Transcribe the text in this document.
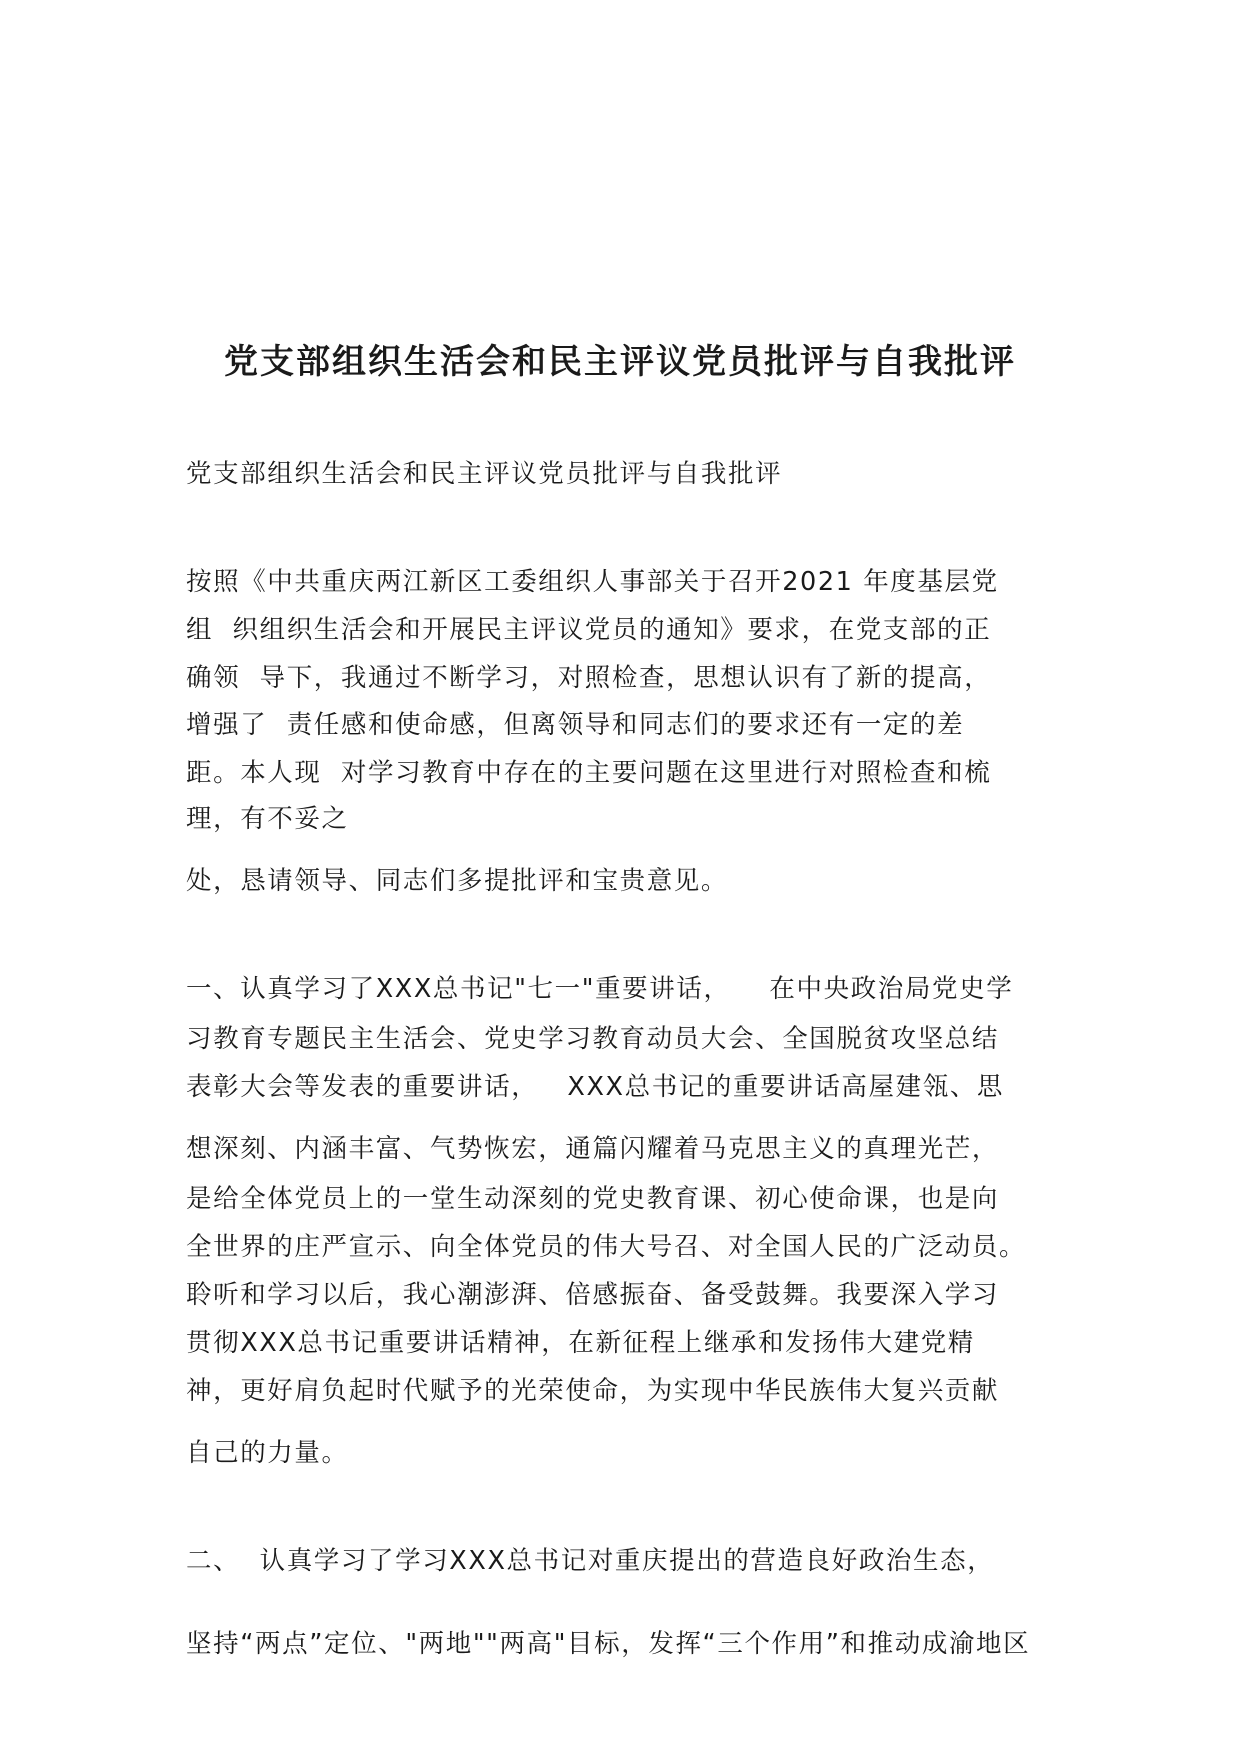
党支部组织生活会和民主评议党员批评与自我批评
党支部组织生活会和民主评议党员批评与自我批评
按照《中共重庆两江新区工委组织人事部关于召开2021 年度基层党
组  织组织生活会和开展民主评议党员的通知》要求，在党支部的正
确领  导下，我通过不断学习，对照检查，思想认识有了新的提高，
增强了  责任感和使命感，但离领导和同志们的要求还有一定的差
距。本人现  对学习教育中存在的主要问题在这里进行对照检查和梳
理，有不妥之
处，恳请领导、同志们多提批评和宝贵意见。
一、认真学习了XXX总书记"七一"重要讲话，    在中央政治局党史学
习教育专题民主生活会、党史学习教育动员大会、全国脱贫攻坚总结
表彰大会等发表的重要讲话，   XXX总书记的重要讲话高屋建瓴、思
想深刻、内涵丰富、气势恢宏，通篇闪耀着马克思主义的真理光芒，
是给全体党员上的一堂生动深刻的党史教育课、初心使命课，也是向
全世界的庄严宣示、向全体党员的伟大号召、对全国人民的广泛动员。
聆听和学习以后，我心潮澎湃、倍感振奋、备受鼓舞。我要深入学习
贯彻XXX总书记重要讲话精神，在新征程上继承和发扬伟大建党精
神，更好肩负起时代赋予的光荣使命，为实现中华民族伟大复兴贡献
自己的力量。
二、  认真学习了学习XXX总书记对重庆提出的营造良好政治生态，
坚持“两点”定位、"两地""两高"目标，发挥“三个作用”和推动成渝地区
